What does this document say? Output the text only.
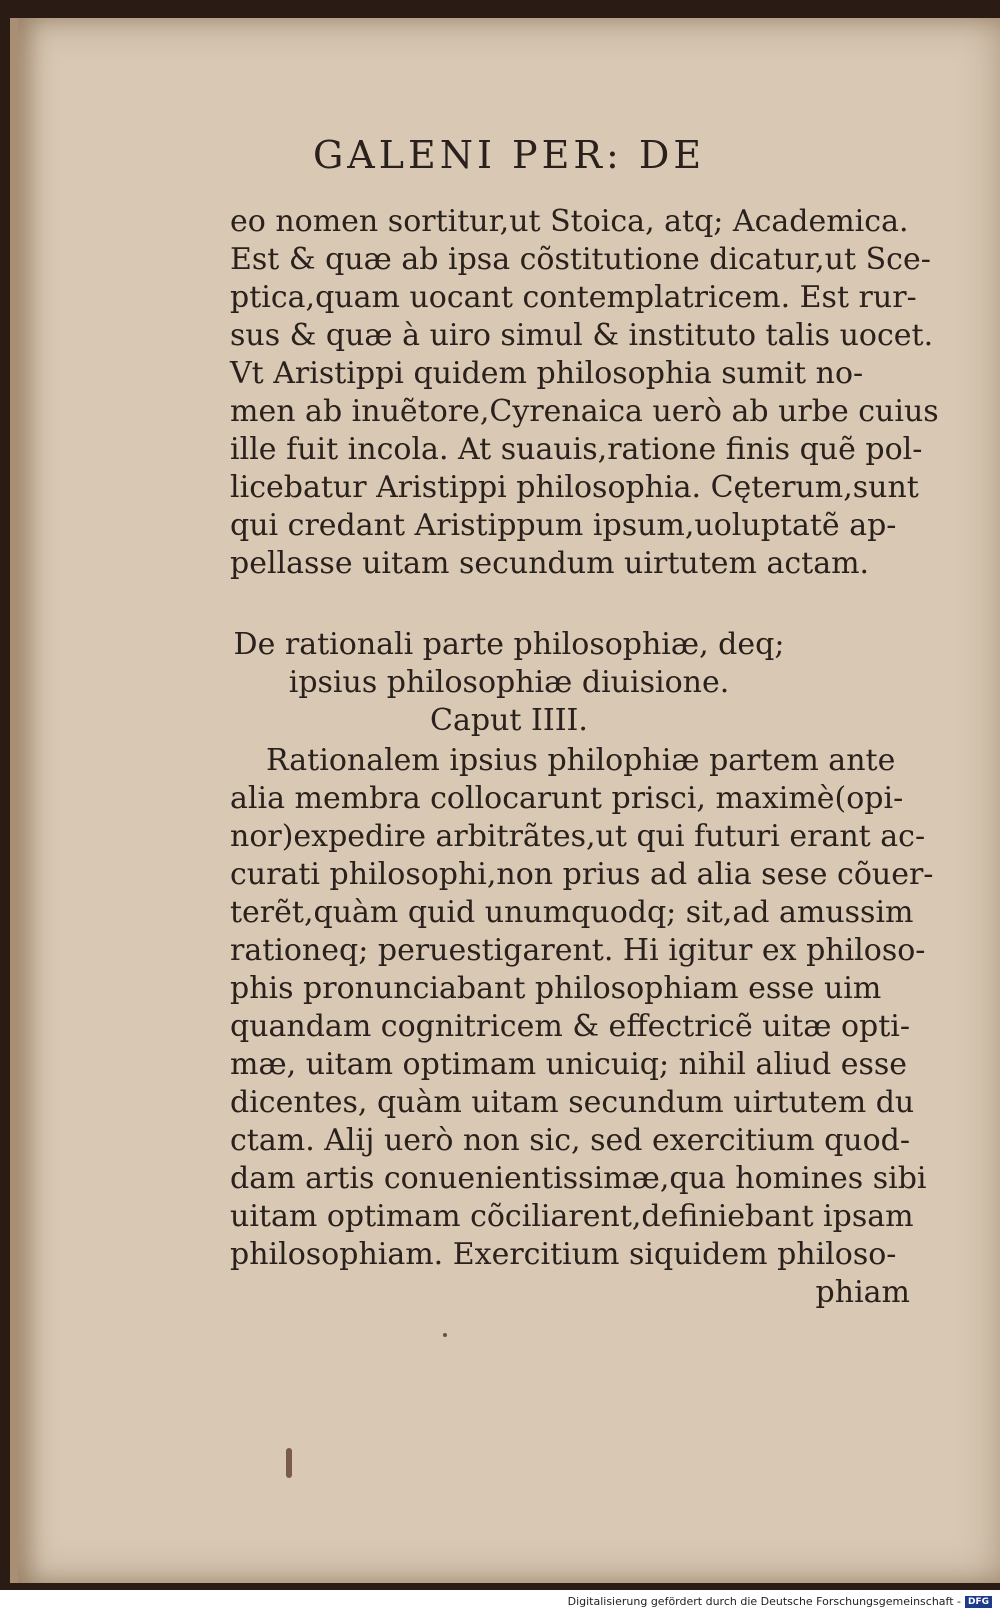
GALENI PER: DE
eo nomen sortitur,ut Stoica, atq; Academica.
Est & quæ ab ipsa cõstitutione dicatur,ut Sce-
ptica,quam uocant contemplatricem. Est rur-
sus & quæ à uiro simul & instituto talis uocet.
Vt Aristippi quidem philosophia sumit no-
men ab inuẽtore,Cyrenaica uerò ab urbe cuius
ille fuit incola. At suauis,ratione finis quẽ pol-
licebatur Aristippi philosophia. Cęterum,sunt
qui credant Aristippum ipsum,uoluptatẽ ap-
pellasse uitam secundum uirtutem actam.
De rationali parte philosophiæ, deq;
ipsius philosophiæ diuisione.
Caput IIII.
Rationalem ipsius philophiæ partem ante
alia membra collocarunt prisci, maximè(opi-
nor)expedire arbitrãtes,ut qui futuri erant ac-
curati philosophi,non prius ad alia sese cõuer-
terẽt,quàm quid unumquodq; sit,ad amussim
rationeq; peruestigarent. Hi igitur ex philoso-
phis pronunciabant philosophiam esse uim
quandam cognitricem & effectricẽ uitæ opti-
mæ, uitam optimam unicuiq; nihil aliud esse
dicentes, quàm uitam secundum uirtutem du
ctam. Alij uerò non sic, sed exercitium quod-
dam artis conuenientissimæ,qua homines sibi
uitam optimam cõciliarent,definiebant ipsam
philosophiam. Exercitium siquidem philoso-
phiam
Digitalisierung gefördert durch die Deutsche Forschungsgemeinschaft - DFG
